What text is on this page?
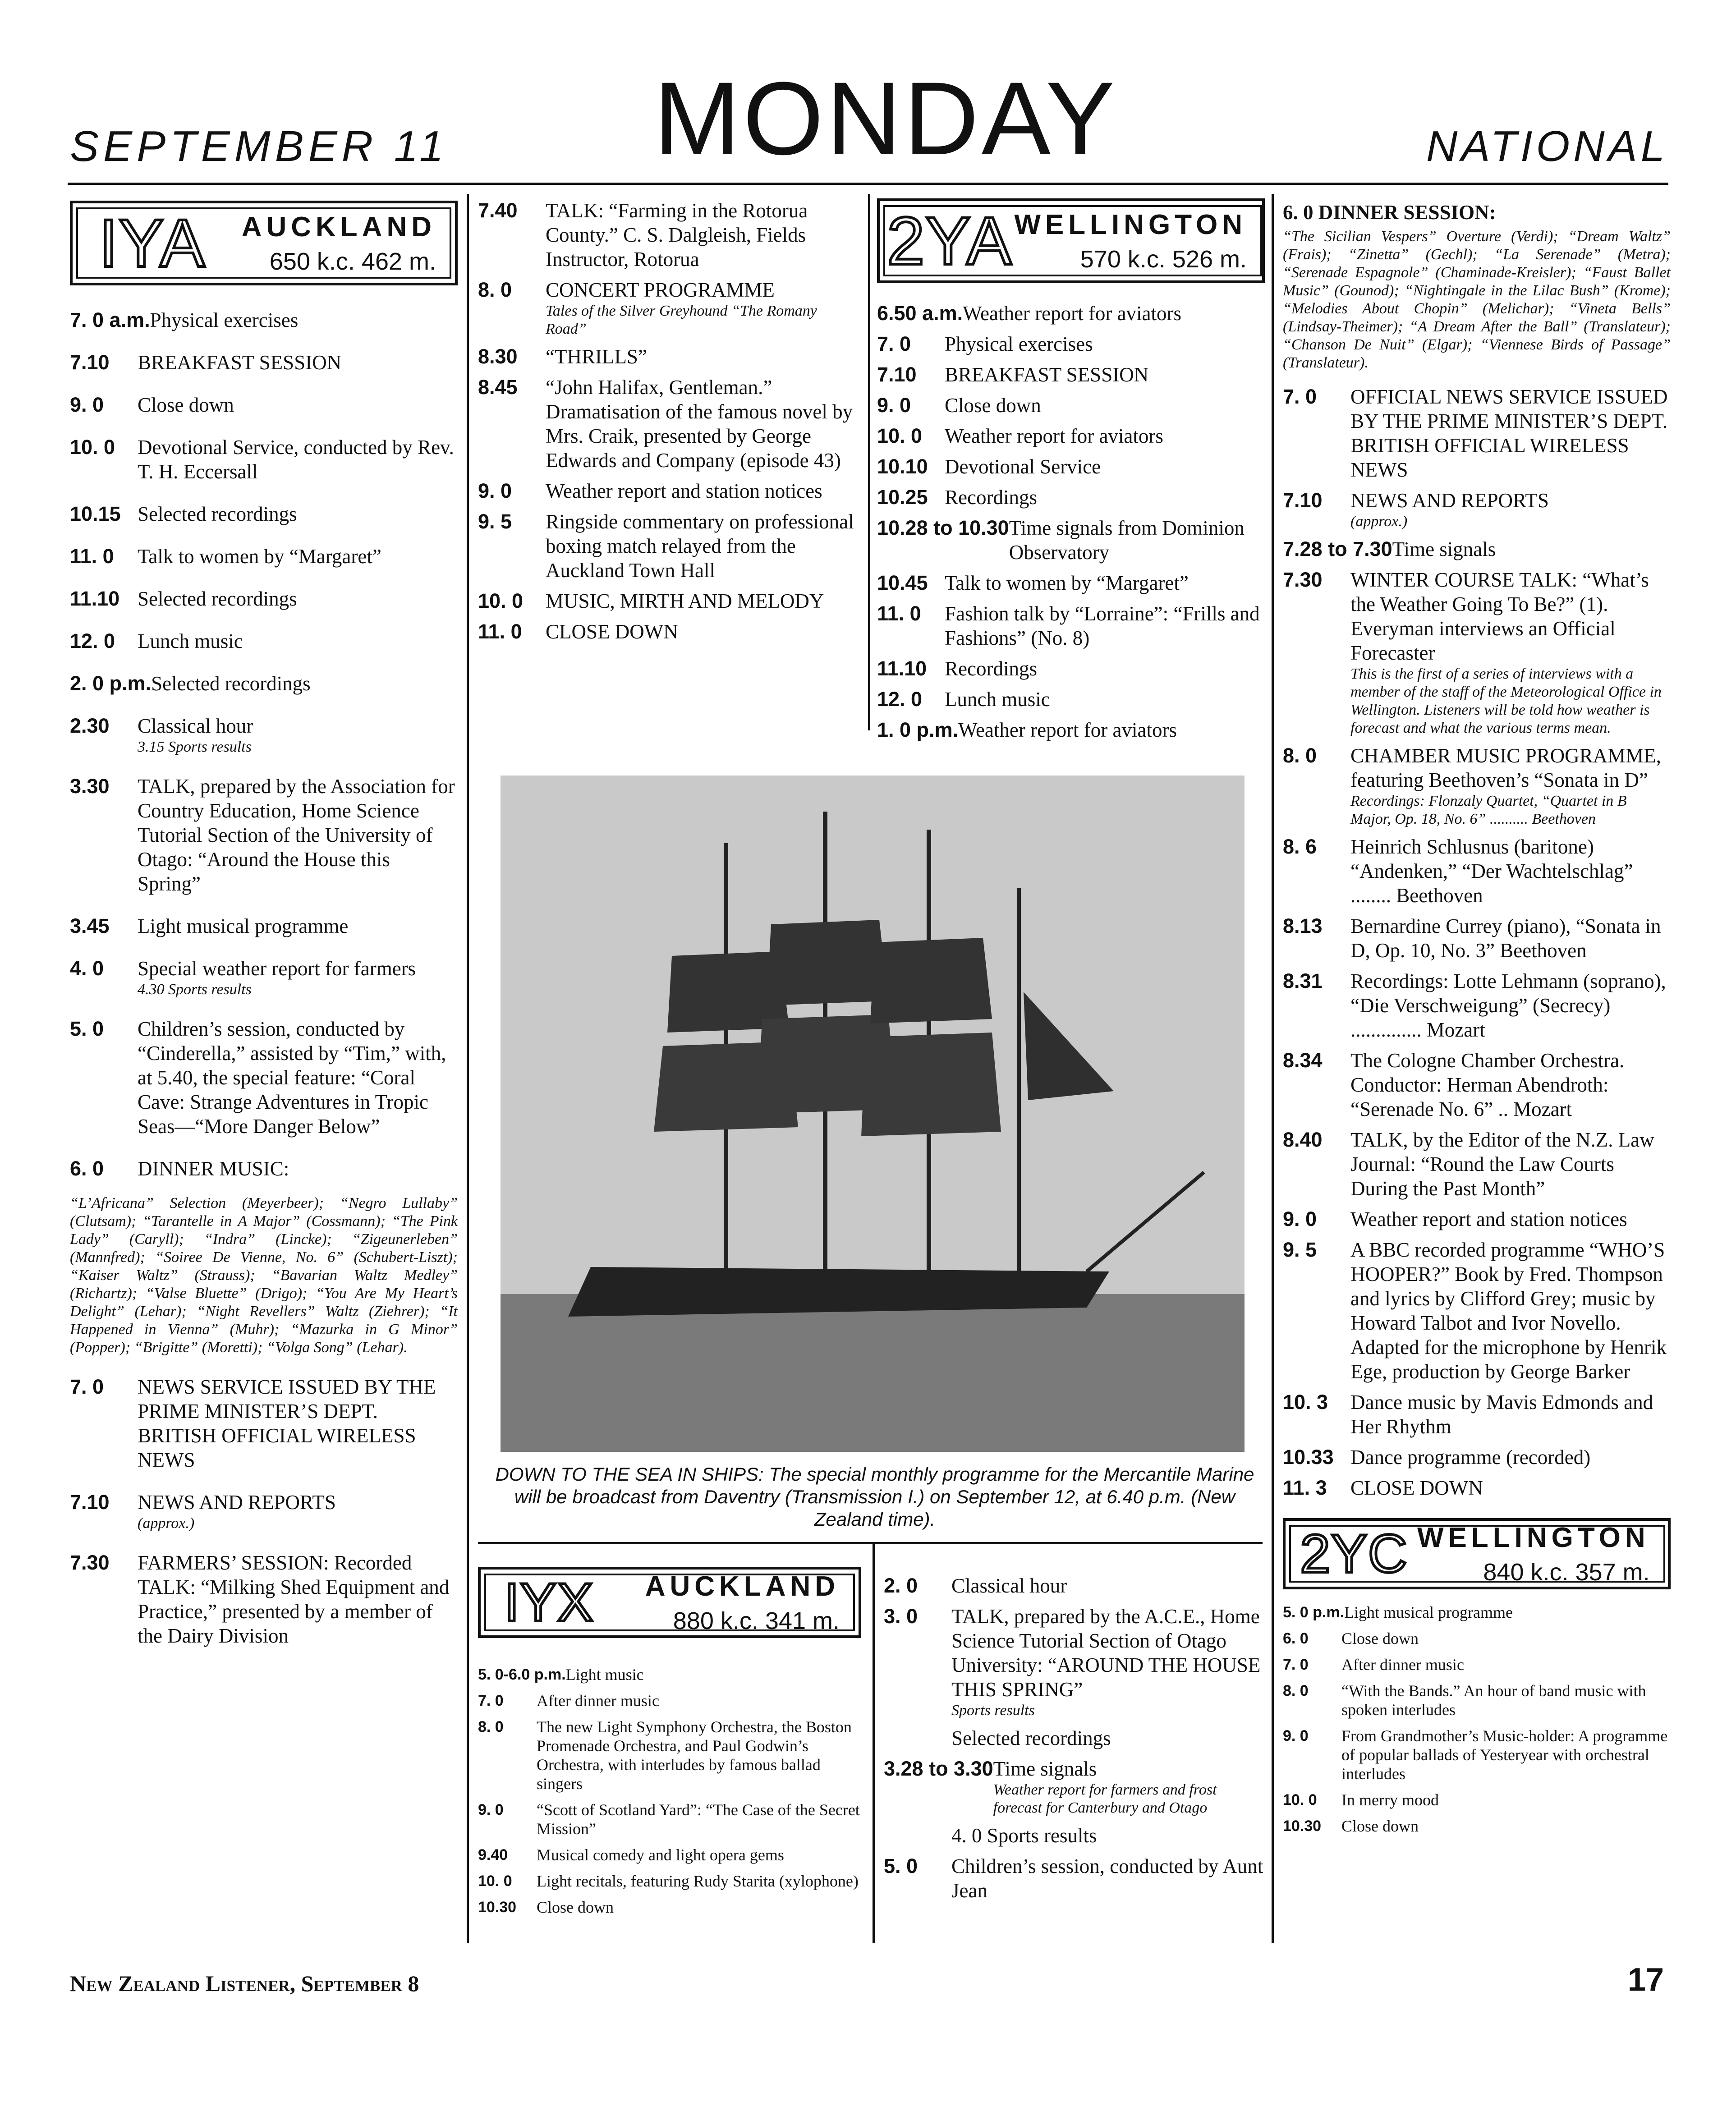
SEPTEMBER 11 MONDAY	NATIONAL
IYA	AUCKLAND
650 k.c. 462 m.
7. 0 a.m. Physical exercises
7.10	BREAKFAST SESSION
9. 0	Close down
10. 0	Devotional Service, conducted by Rev. T. H. Eccersall
10.15 Selected recordings
11. 0	Talk to women by “Margaret”
11.10 Selected recordings
12. 0	Lunch music
2. 0 p.m. Selected recordings
2.30	Classical hour
3.15 Sports results
3.30	TALK, prepared by the Association for Country Education, Home Science Tutorial Section of the University of Otago: “Around the House this Spring”
3.45	Light musical programme
4. 0	Special weather report for farmers
4.30 Sports results
5. 0	Children’s session, conducted by “Cinderella,” assisted by “Tim,” with, at 5.40, the special feature: “Coral Cave: Strange Adventures in Tropic Seas—“More Danger Below”
6. 0	DINNER MUSIC:
“L’Africana” Selection (Meyerbeer); “Negro Lullaby” (Clutsam); “Tarantelle in A Major” (Cossmann); “The Pink Lady” (Caryll); “Indra” (Lincke); “Zigeunerleben” (Mannfred); “Soiree De Vienne, No. 6” (Schubert-Liszt); “Kaiser Waltz” (Strauss); “Bavarian Waltz Medley” (Richartz); “Valse Bluette” (Drigo); “You Are My Heart’s Delight” (Lehar); “Night Revellers” Waltz (Ziehrer); “It Happened in Vienna” (Muhr); “Mazurka in G Minor” (Popper); “Brigitte” (Moretti); “Volga Song” (Lehar).
7. 0	NEWS SERVICE ISSUED BY THE PRIME MINISTER’S DEPT. BRITISH OFFICIAL WIRELESS NEWS
7.10	NEWS AND REPORTS
(approx.)
7.30	FARMERS’ SESSION: Recorded TALK: “Milking Shed Equipment and Practice,” presented by a member of the Dairy Division
7.40	TALK: “Farming in the Rotorua County.” C. S. Dalgleish, Fields Instructor, Rotorua
8. 0	CONCERT PROGRAMME
Tales of the Silver Greyhound “The Romany Road”
8.30	“THRILLS”
8.45	“John Halifax, Gentleman.” Dramatisation of the famous novel by Mrs. Craik, presented by George Edwards and Company (episode 43)
9. 0	Weather report and station notices
9. 5	Ringside commentary on professional boxing match relayed from the Auckland Town Hall
10. 0	MUSIC, MIRTH AND MELODY
11. 0	CLOSE DOWN
2YA WELLINGTON
570 k.c. 526 m.
6.50 a.m. Weather report for aviators
7. 0	Physical exercises
7.10	BREAKFAST SESSION
9. 0	Close down
10. 0	Weather report for aviators
10.10 Devotional Service
10.25 Recordings
10.28 to 10.30 Time signals from Dominion Observatory
10.45 Talk to women by “Margaret”
11. 0	Fashion talk by “Lorraine”: “Frills and Fashions” (No. 8)
11.10 Recordings
12. 0	Lunch music
1. 0 p.m. Weather report for aviators
DOWN TO THE SEA IN SHIPS: The special monthly programme for the Mercantile Marine will be broadcast from Daventry (Transmission I.) on September 12, at 6.40 p.m. (New Zealand time).
IYX	AUCKLAND
880 k.c. 341 m.
5. 0-6.0 p.m. Light music
7. 0	After dinner music
8. 0	The new Light Symphony Orchestra, the Boston Promenade Orchestra, and Paul Godwin’s Orchestra, with interludes by famous ballad singers
9. 0	“Scott of Scotland Yard”: “The Case of the Secret Mission”
9.40	Musical comedy and light opera gems
10. 0	Light recitals, featuring Rudy Starita (xylophone)
10.30	Close down
2. 0	Classical hour
3. 0	TALK, prepared by the A.C.E., Home Science Tutorial Section of Otago University: “AROUND THE HOUSE THIS SPRING”
Sports results
Selected recordings
3.28 to 3.30 Time signals
Weather report for farmers and frost forecast for Canterbury and Otago
4. 0 Sports results
5. 0	Children’s session, conducted by Aunt Jean
6. 0 DINNER SESSION:
“The Sicilian Vespers” Overture (Verdi); “Dream Waltz” (Frais); “Zinetta” (Gechl); “La Serenade” (Metra); “Serenade Espagnole” (Chaminade-Kreisler); “Faust Ballet Music” (Gounod); “Nightingale in the Lilac Bush” (Krome); “Melodies About Chopin” (Melichar); “Vineta Bells” (Lindsay-Theimer); “A Dream After the Ball” (Translateur); “Chanson De Nuit” (Elgar); “Viennese Birds of Passage” (Translateur).
7. 0	OFFICIAL NEWS SERVICE ISSUED BY THE PRIME MINISTER’S DEPT. BRITISH OFFICIAL WIRELESS NEWS
7.10	NEWS AND REPORTS
(approx.)
7.28 to 7.30 Time signals
7.30	WINTER COURSE TALK: “What’s the Weather Going To Be?” (1). Everyman interviews an Official Forecaster
This is the first of a series of interviews with a member of the staff of the Meteorological Office in Wellington. Listeners will be told how weather is forecast and what the various terms mean.
8. 0	CHAMBER MUSIC PROGRAMME, featuring Beethoven’s “Sonata in D”
Recordings: Flonzaly Quartet, “Quartet in B Major, Op. 18, No. 6” .......... Beethoven
8. 6	Heinrich Schlusnus (baritone) “Andenken,” “Der Wachtelschlag” ........ Beethoven
8.13	Bernardine Currey (piano), “Sonata in D, Op. 10, No. 3” Beethoven
8.31	Recordings: Lotte Lehmann (soprano), “Die Verschweigung” (Secrecy) .............. Mozart
8.34	The Cologne Chamber Orchestra. Conductor: Herman Abendroth: “Serenade No. 6” .. Mozart
8.40	TALK, by the Editor of the N.Z. Law Journal: “Round the Law Courts During the Past Month”
9. 0	Weather report and station notices
9. 5	A BBC recorded programme “WHO’S HOOPER?” Book by Fred. Thompson and lyrics by Clifford Grey; music by Howard Talbot and Ivor Novello. Adapted for the microphone by Henrik Ege, production by George Barker
10. 3	Dance music by Mavis Edmonds and Her Rhythm
10.33 Dance programme (recorded)
11. 3	CLOSE DOWN
2YC WELLINGTON
840 k.c. 357 m.
5. 0 p.m. Light musical programme
6. 0	Close down
7. 0	After dinner music
8. 0	“With the Bands.” An hour of band music with spoken interludes
9. 0	From Grandmother’s Music-holder: A programme of popular ballads of Yesteryear with orchestral interludes
10. 0	In merry mood
10.30	Close down
New Zealand Listener, September 8	17
